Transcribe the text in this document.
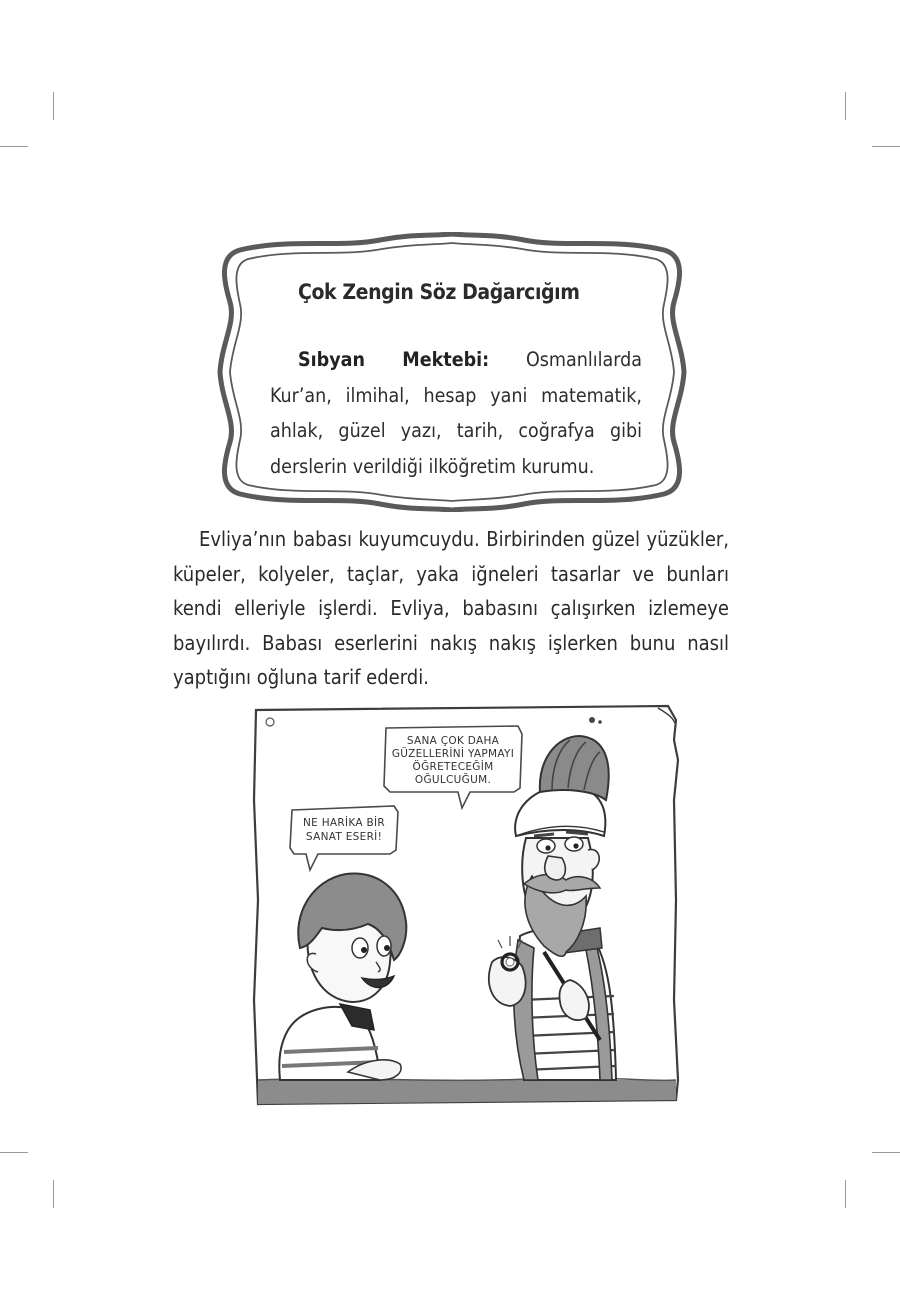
Çok Zengin Söz Dağarcığım
Sıbyan Mektebi: Osmanlılarda Kur’an, ilmihal, hesap yani matematik, ahlak, güzel yazı, tarih, coğrafya gibi derslerin verildiği ilköğretim kurumu.
Evliya’nın babası kuyumcuydu. Birbirinden güzel yüzükler, küpeler, kolyeler, taçlar, yaka iğneleri tasarlar ve bunları kendi elleriyle işlerdi. Evliya, babasını çalışırken izlemeye bayılırdı. Babası eserlerini nakış nakış işlerken bunu nasıl yaptığını oğluna tarif ederdi.
SANA ÇOK DAHA
GÜZELLERİNİ YAPMAYI
ÖĞRETECEĞİM
OĞULCUĞUM.
NE HARİKA BİR
SANAT ESERİ!
